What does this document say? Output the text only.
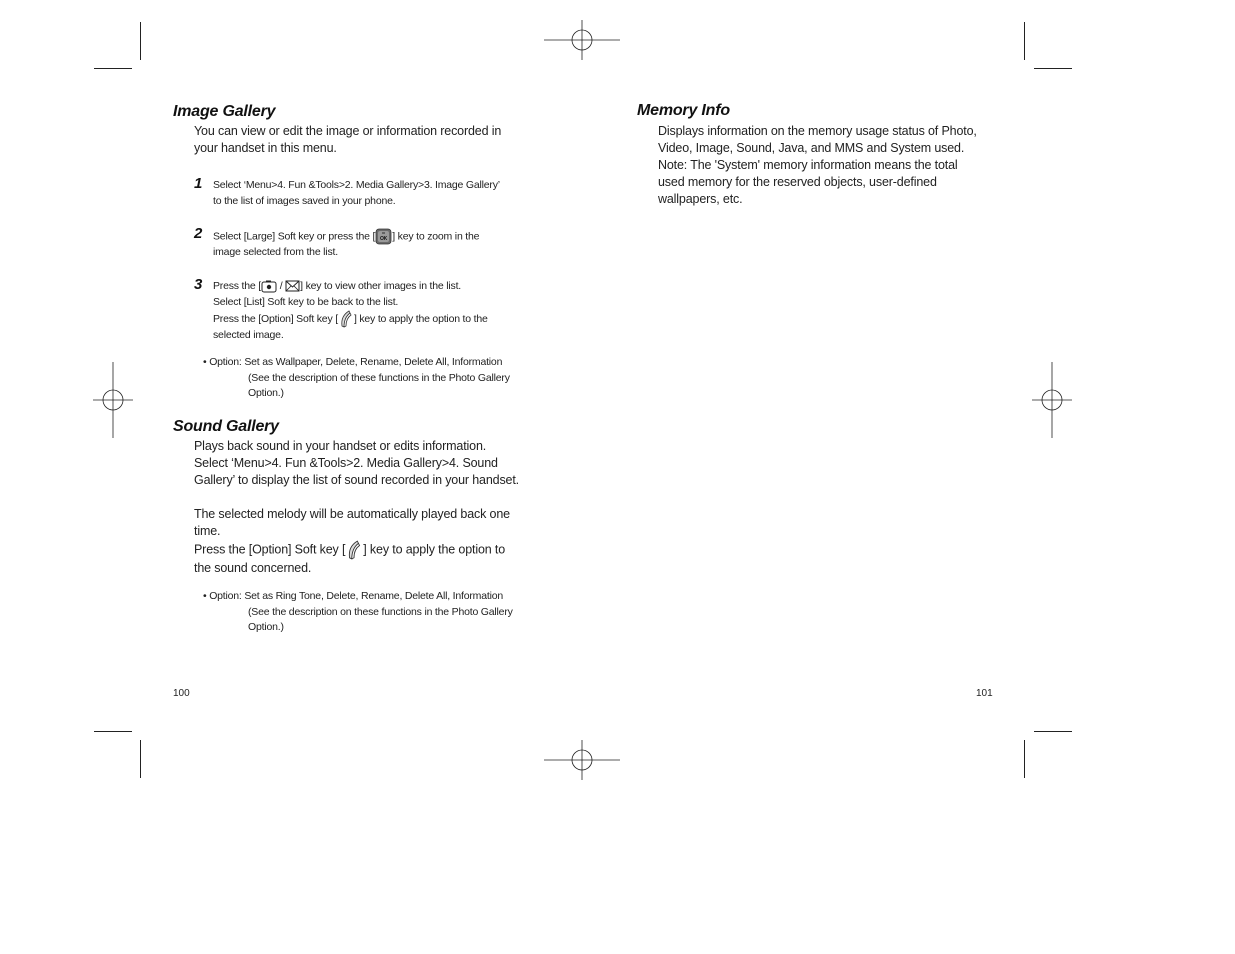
Image Gallery
You can view or edit the image or information recorded in
your handset in this menu.
1 Select ‘Menu>4. Fun &Tools>2. Media Gallery>3. Image Gallery’
to the list of images saved in your phone.
2 Select [Large] Soft key or press the [ OK ] key to zoom in the
image selected from the list.
3 Press the [ / ] key to view other images in the list.
Select [List] Soft key to be back to the list.
Press the [Option] Soft key [ ] key to apply the option to the
selected image.
• Option: Set as Wallpaper, Delete, Rename, Delete All, Information
(See the description of these functions in the Photo Gallery
Option.)
Sound Gallery
Plays back sound in your handset or edits information.
Select ‘Menu>4. Fun &Tools>2. Media Gallery>4. Sound
Gallery’ to display the list of sound recorded in your handset.
The selected melody will be automatically played back one
time.
Press the [Option] Soft key [ ] key to apply the option to
the sound concerned.
• Option: Set as Ring Tone, Delete, Rename, Delete All, Information
(See the description on these functions in the Photo Gallery
Option.)
100
Memory Info
Displays information on the memory usage status of Photo,
Video, Image, Sound, Java, and MMS and System used.
Note: The 'System' memory information means the total
used memory for the reserved objects, user-defined
wallpapers, etc.
101
